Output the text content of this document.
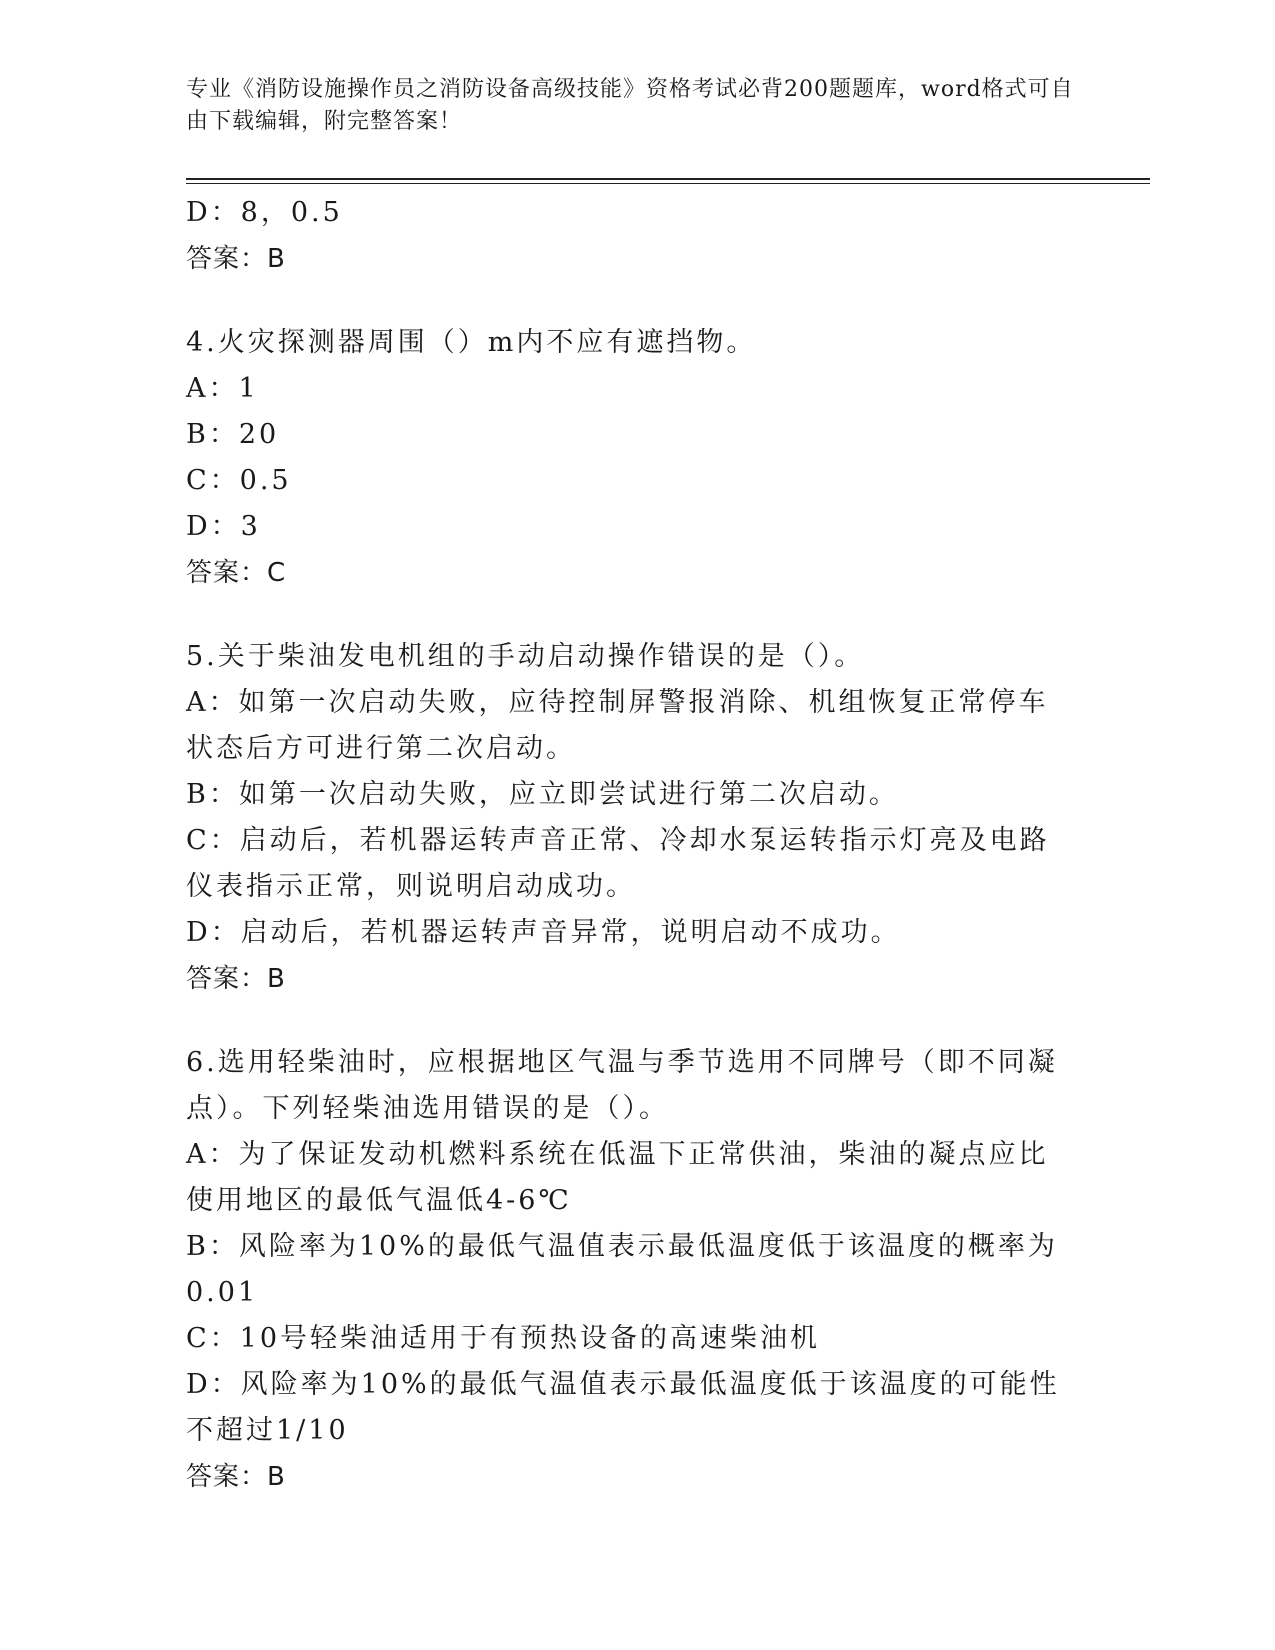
专业《消防设施操作员之消防设备高级技能》资格考试必背200题题库，word格式可自由下载编辑，附完整答案！

D：8，0.5

答案：B

4.火灾探测器周围（）m内不应有遮挡物。

A：1

B：20

C：0.5

D：3

答案：C

5.关于柴油发电机组的手动启动操作错误的是（）。

A：如第一次启动失败，应待控制屏警报消除、机组恢复正常停车状态后方可进行第二次启动。

B：如第一次启动失败，应立即尝试进行第二次启动。

C：启动后，若机器运转声音正常、冷却水泵运转指示灯亮及电路仪表指示正常，则说明启动成功。

D：启动后，若机器运转声音异常，说明启动不成功。

答案：B

6.选用轻柴油时，应根据地区气温与季节选用不同牌号（即不同凝点）。下列轻柴油选用错误的是（）。

A：为了保证发动机燃料系统在低温下正常供油，柴油的凝点应比使用地区的最低气温低4-6℃

B：风险率为10%的最低气温值表示最低温度低于该温度的概率为0.01

C：10号轻柴油适用于有预热设备的高速柴油机

D：风险率为10%的最低气温值表示最低温度低于该温度的可能性不超过1/10

答案：B
